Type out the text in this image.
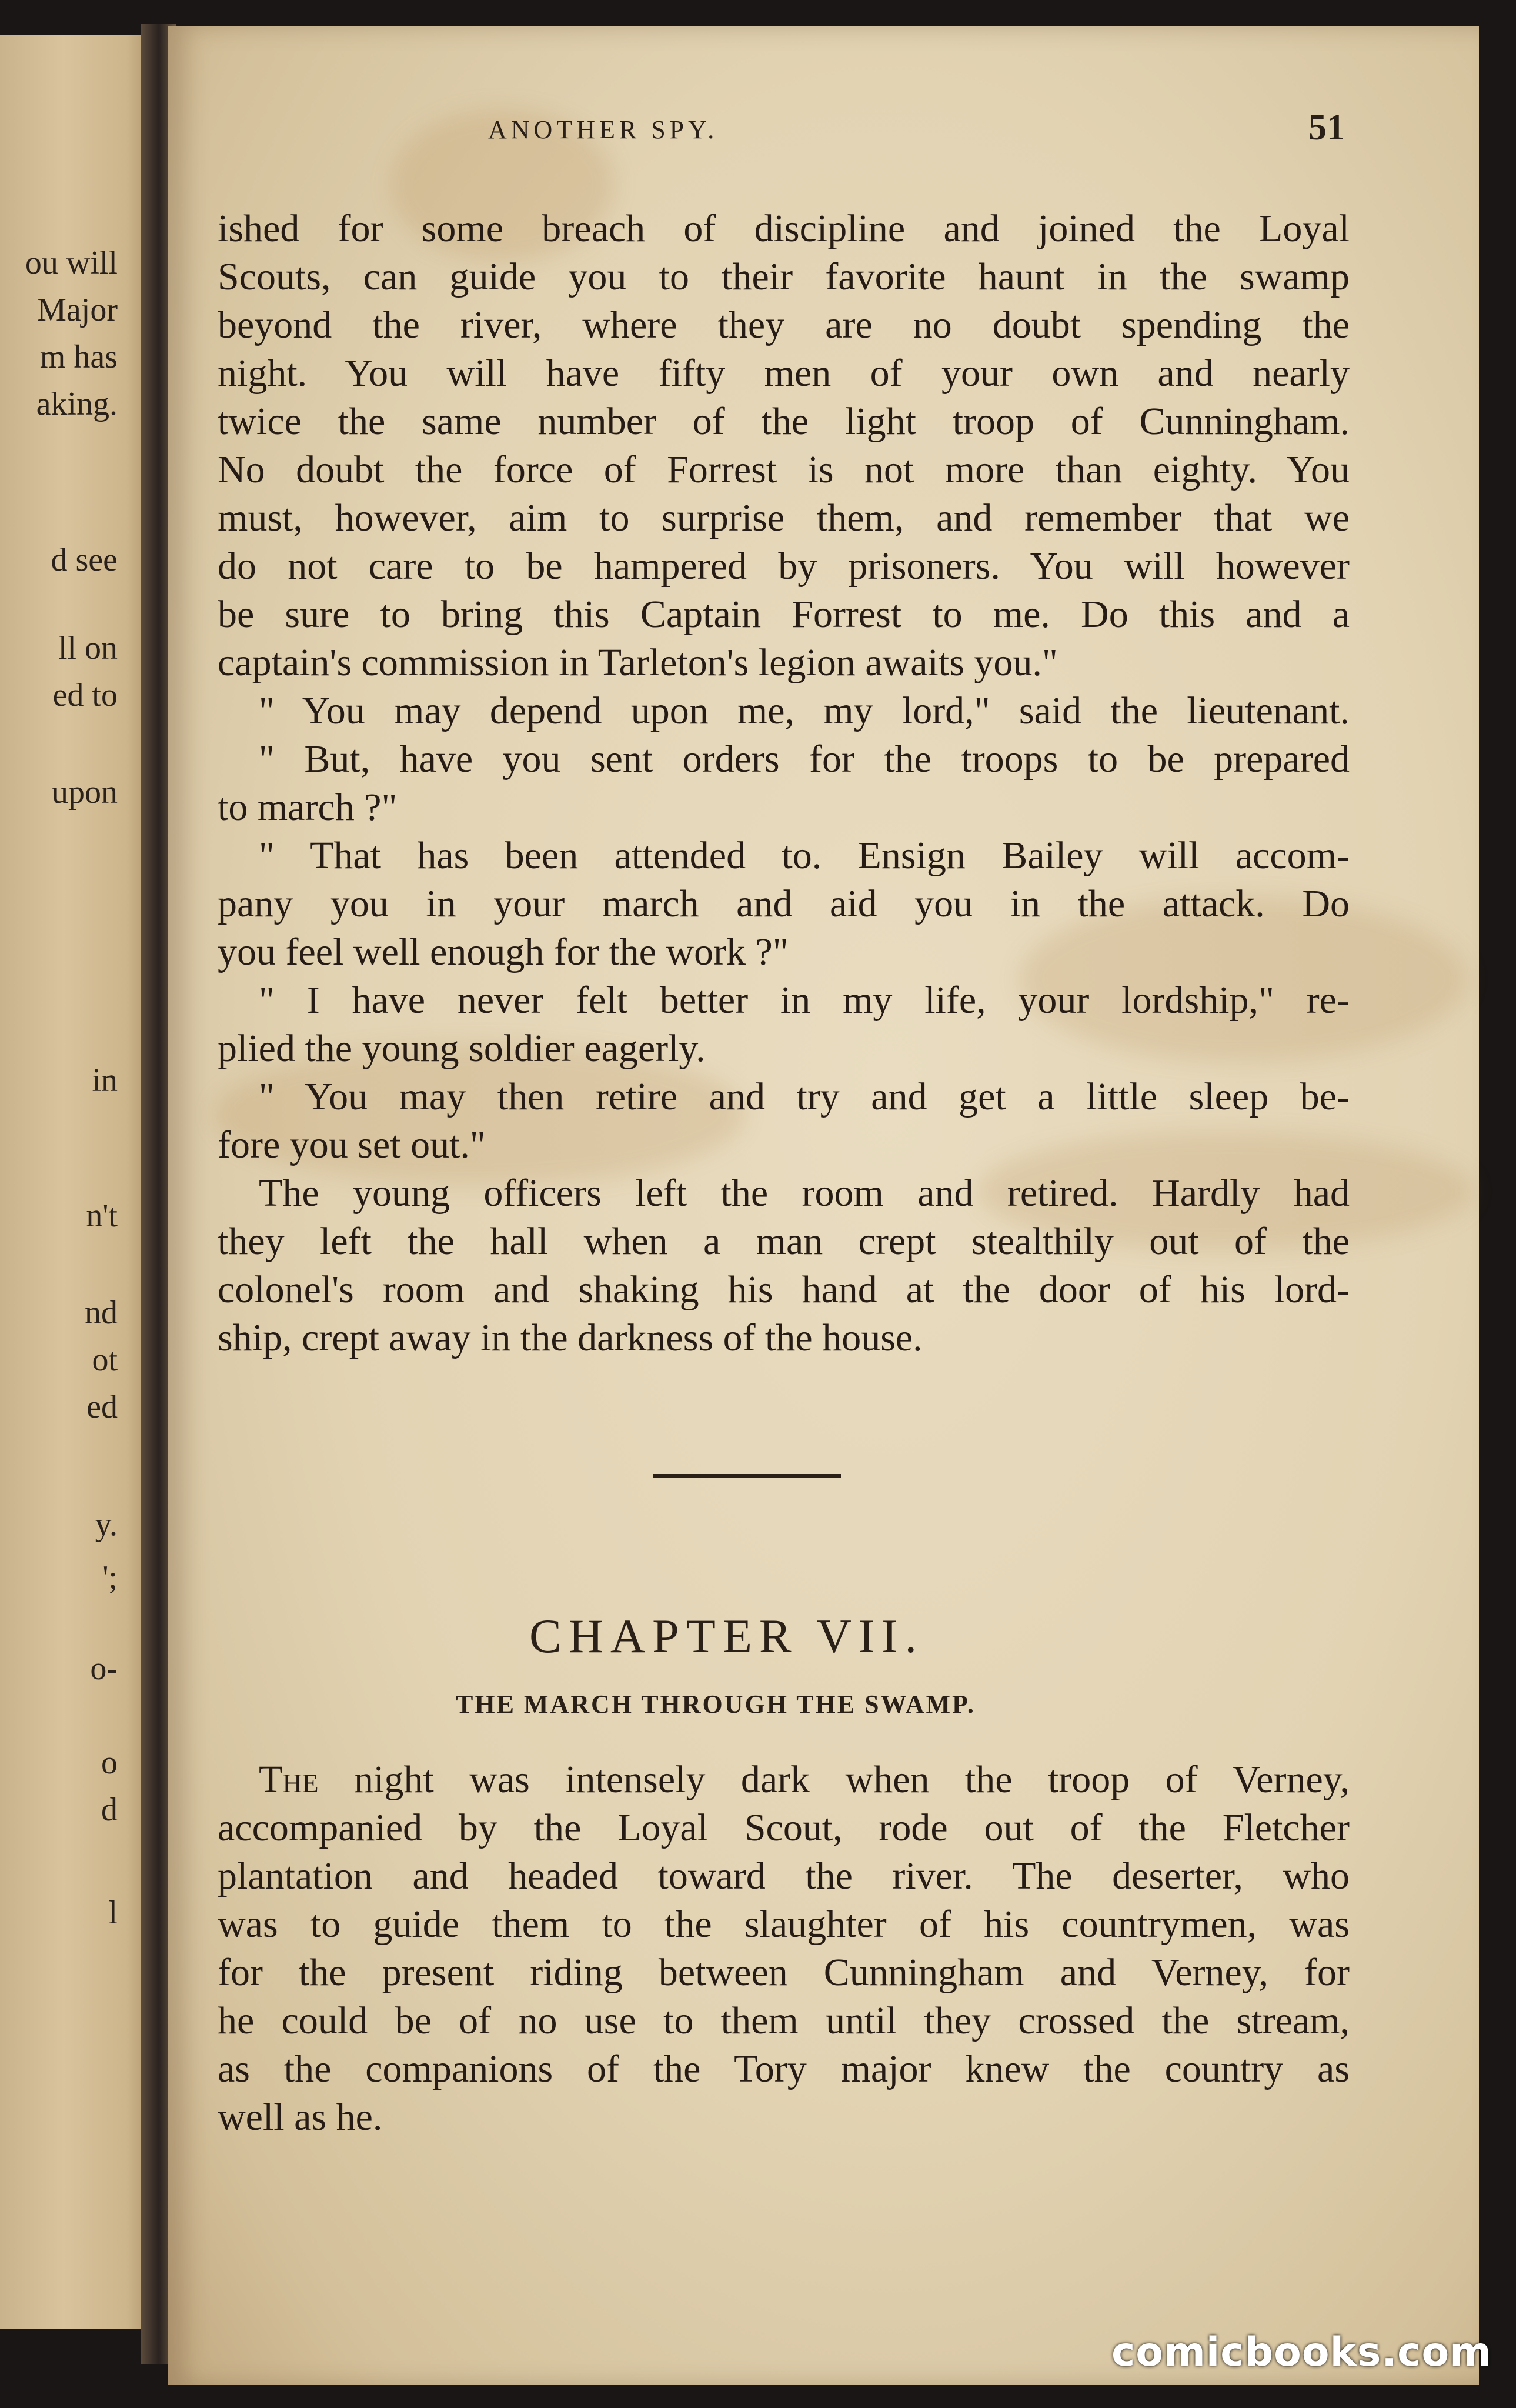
ou will
Major
m has
aking.
d see
ll on
ed to
upon
in
n't
nd
ot
ed
y.
';
o-
o
d
l
ANOTHER SPY.	51
ished for some breach of discipline and joined the Loyal
Scouts, can guide you to their favorite haunt in the swamp
beyond the river, where they are no doubt spending the
night. You will have fifty men of your own and nearly
twice the same number of the light troop of Cunningham.
No doubt the force of Forrest is not more than eighty. You
must, however, aim to surprise them, and remember that we
do not care to be hampered by prisoners. You will however
be sure to bring this Captain Forrest to me. Do this and a
captain's commission in Tarleton's legion awaits you."
" You may depend upon me, my lord," said the lieutenant.
" But, have you sent orders for the troops to be prepared
to march ?"
" That has been attended to. Ensign Bailey will accom-
pany you in your march and aid you in the attack. Do
you feel well enough for the work ?"
" I have never felt better in my life, your lordship," re-
plied the young soldier eagerly.
" You may then retire and try and get a little sleep be-
fore you set out."
The young officers left the room and retired. Hardly had
they left the hall when a man crept stealthily out of the
colonel's room and shaking his hand at the door of his lord-
ship, crept away in the darkness of the house.
CHAPTER VII.
THE MARCH THROUGH THE SWAMP.
The night was intensely dark when the troop of Verney,
accompanied by the Loyal Scout, rode out of the Fletcher
plantation and headed toward the river. The deserter, who
was to guide them to the slaughter of his countrymen, was
for the present riding between Cunningham and Verney, for
he could be of no use to them until they crossed the stream,
as the companions of the Tory major knew the country as
well as he.
comicbooks.com
